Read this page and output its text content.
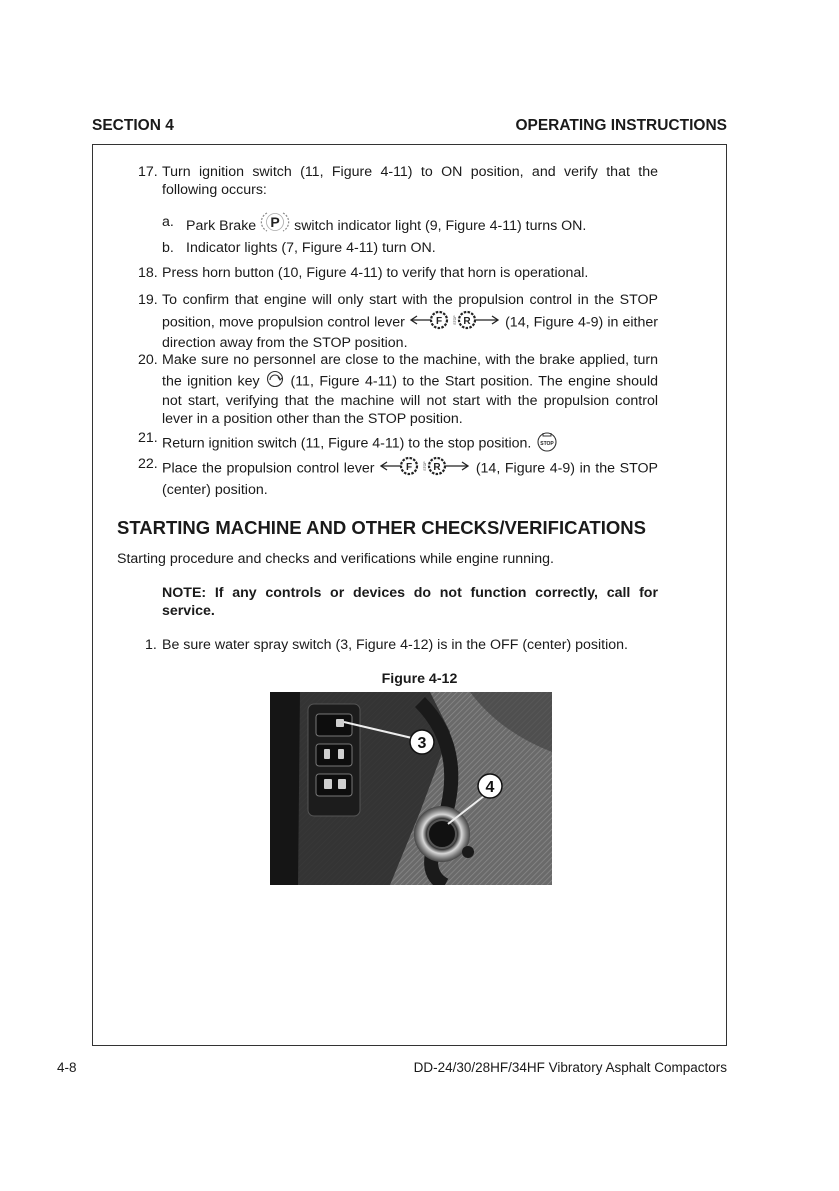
SECTION 4	OPERATING INSTRUCTIONS
17. Turn ignition switch (11, Figure 4-11) to ON position, and verify that the following occurs:
a. Park Brake P switch indicator light (9, Figure 4-11) turns ON.
b. Indicator lights (7, Figure 4-11) turn ON.
18. Press horn button (10, Figure 4-11) to verify that horn is operational.
19. To confirm that engine will only start with the propulsion control in the STOP position, move propulsion control lever	F	STOP R (14, Figure 4-9) in either direction away from the STOP position.
20. Make sure no personnel are close to the machine, with the brake applied, turn the ignition key (11, Figure 4-11) to the Start position. The engine should not start, verifying that the machine will not start with the propulsion control lever in a position other than the STOP position.
21. Return ignition switch (11, Figure 4-11) to the stop position. STOP
22. Place the propulsion control lever	F	STOP R (14, Figure 4-9) in the STOP (center) position.
STARTING MACHINE AND OTHER CHECKS/VERIFICATIONS
Starting procedure and checks and verifications while engine running.
NOTE: If any controls or devices do not function correctly, call for service.
1. Be sure water spray switch (3, Figure 4-12) is in the OFF (center) position.
Figure 4-12
3
4
4-8	DD-24/30/28HF/34HF Vibratory Asphalt Compactors
